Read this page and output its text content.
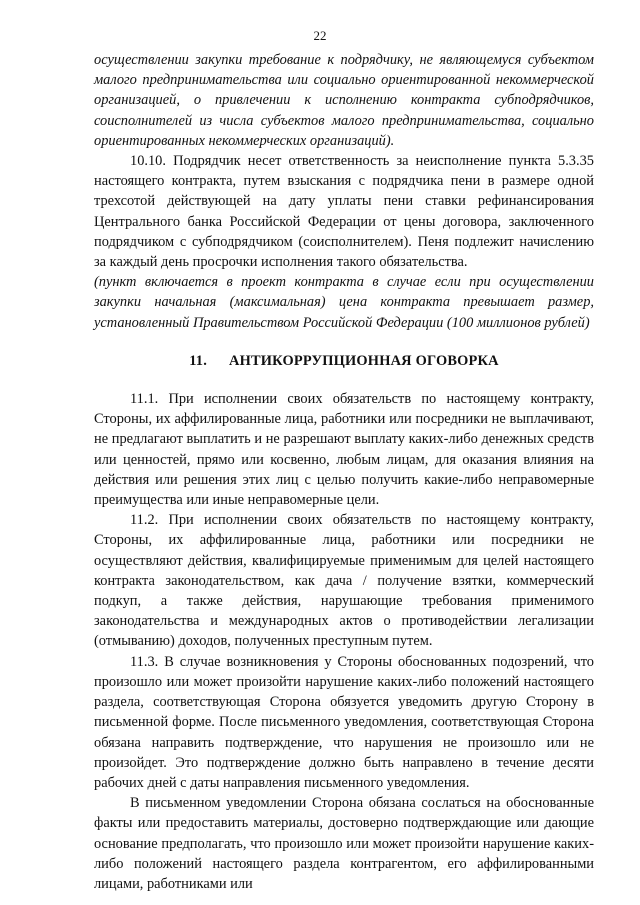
22

осуществлении закупки требование к подрядчику, не являющемуся субъектом малого предпринимательства или социально ориентированной некоммерческой организацией, о привлечении к исполнению контракта субподрядчиков, соисполнителей из числа субъектов малого предпринимательства, социально ориентированных некоммерческих организаций).

10.10. Подрядчик несет ответственность за неисполнение пункта 5.3.35 настоящего контракта, путем взыскания с подрядчика пени в размере одной трехсотой действующей на дату уплаты пени ставки рефинансирования Центрального банка Российской Федерации от цены договора, заключенного подрядчиком с субподрядчиком (соисполнителем). Пеня подлежит начислению за каждый день просрочки исполнения такого обязательства.

(пункт включается в проект контракта в случае если при осуществлении закупки начальная (максимальная) цена контракта превышает размер, установленный Правительством Российской Федерации (100 миллионов рублей)

11. АНТИКОРРУПЦИОННАЯ ОГОВОРКА

11.1. При исполнении своих обязательств по настоящему контракту, Стороны, их аффилированные лица, работники или посредники не выплачивают, не предлагают выплатить и не разрешают выплату каких-либо денежных средств или ценностей, прямо или косвенно, любым лицам, для оказания влияния на действия или решения этих лиц с целью получить какие-либо неправомерные преимущества или иные неправомерные цели.

11.2. При исполнении своих обязательств по настоящему контракту, Стороны, их аффилированные лица, работники или посредники не осуществляют действия, квалифицируемые применимым для целей настоящего контракта законодательством, как дача / получение взятки, коммерческий подкуп, а также действия, нарушающие требования применимого законодательства и международных актов о противодействии легализации (отмыванию) доходов, полученных преступным путем.

11.3. В случае возникновения у Стороны обоснованных подозрений, что произошло или может произойти нарушение каких-либо положений настоящего раздела, соответствующая Сторона обязуется уведомить другую Сторону в письменной форме. После письменного уведомления, соответствующая Сторона обязана направить подтверждение, что нарушения не произошло или не произойдет. Это подтверждение должно быть направлено в течение десяти рабочих дней с даты направления письменного уведомления.

В письменном уведомлении Сторона обязана сослаться на обоснованные факты или предоставить материалы, достоверно подтверждающие или дающие основание предполагать, что произошло или может произойти нарушение каких-либо положений настоящего раздела контрагентом, его аффилированными лицами, работниками или
